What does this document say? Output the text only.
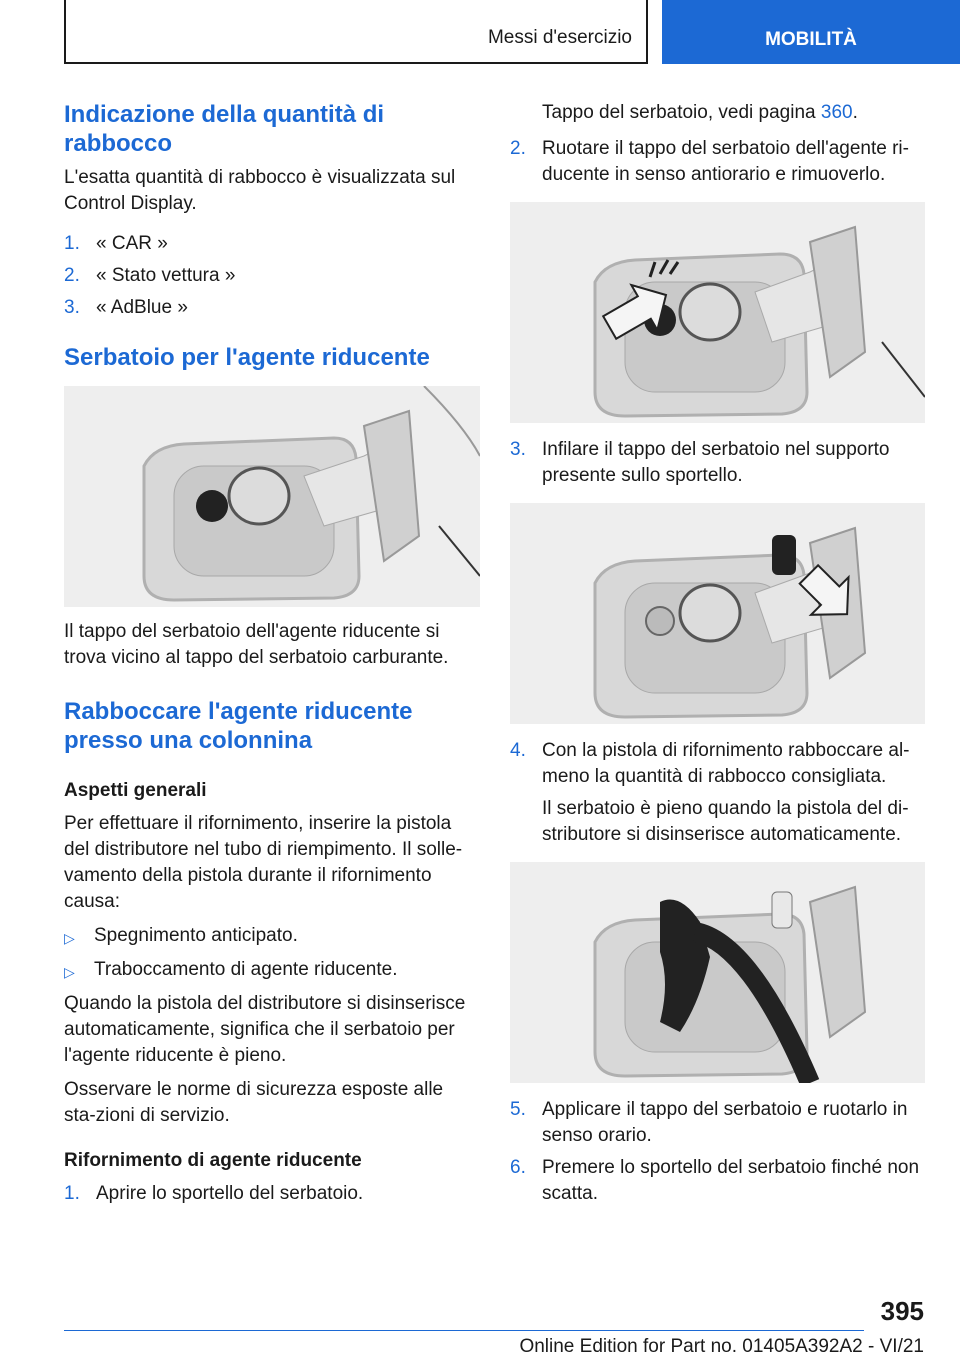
Messi d'esercizio	MOBILITÀ
Indicazione della quantità di rabbocco

L'esatta quantità di rabbocco è visualizzata sul Control Display.

1. « CAR »
2. « Stato vettura »
3. « AdBlue »
Serbatoio per l'agente riducente

Il tappo del serbatoio dell'agente riducente si trova vicino al tappo del serbatoio carburante.

Rabboccare l'agente riducente presso una colonnina
Aspetti generali

Per effettuare il rifornimento, inserire la pistola del distributore nel tubo di riempimento. Il solle-vamento della pistola durante il rifornimento causa:

▷	Spegnimento anticipato.
▷	Traboccamento di agente riducente.

Quando la pistola del distributore si disinserisce automaticamente, significa che il serbatoio per l'agente riducente è pieno.

Osservare le norme di sicurezza esposte alle sta-zioni di servizio.

Rifornimento di agente riducente
1. Aprire lo sportello del serbatoio.

Tappo del serbatoio, vedi pagina 360.

2. Ruotare il tappo del serbatoio dell'agente ri-ducente in senso antiorario e rimuoverlo.
3. Infilare il tappo del serbatoio nel supporto presente sullo sportello.
4. Con la pistola di rifornimento rabboccare al-meno la quantità di rabbocco consigliata.

Il serbatoio è pieno quando la pistola del di-stributore si disinserisce automaticamente.

5. Applicare il tappo del serbatoio e ruotarlo in senso orario.
6. Premere lo sportello del serbatoio finché non scatta.
395
Online Edition for Part no. 01405A392A2 - VI/21
